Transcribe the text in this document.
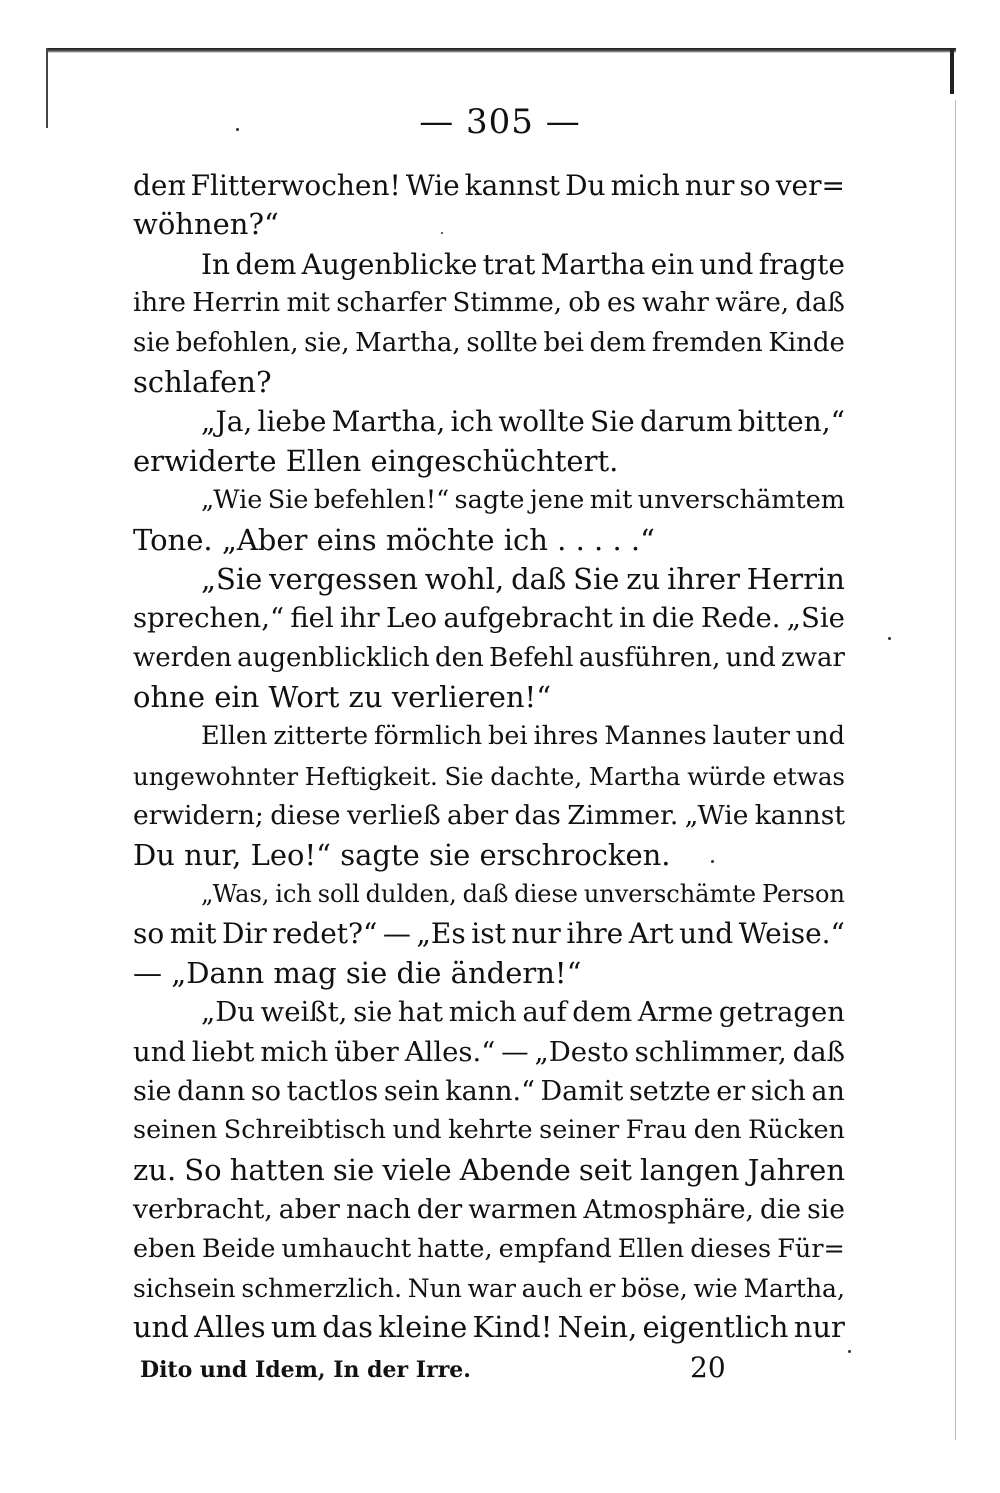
— 305 —
den Flitterwochen! Wie kannst Du mich nur so ver=
wöhnen?“
In dem Augenblicke trat Martha ein und fragte
ihre Herrin mit scharfer Stimme, ob es wahr wäre, daß
sie befohlen, sie, Martha, sollte bei dem fremden Kinde
schlafen?
„Ja, liebe Martha, ich wollte Sie darum bitten,“
erwiderte Ellen eingeschüchtert.
„Wie Sie befehlen!“ sagte jene mit unverschämtem
Tone. „Aber eins möchte ich . . . . .“
„Sie vergessen wohl, daß Sie zu ihrer Herrin
sprechen,“ fiel ihr Leo aufgebracht in die Rede. „Sie
werden augenblicklich den Befehl ausführen, und zwar
ohne ein Wort zu verlieren!“
Ellen zitterte förmlich bei ihres Mannes lauter und
ungewohnter Heftigkeit. Sie dachte, Martha würde etwas
erwidern; diese verließ aber das Zimmer. „Wie kannst
Du nur, Leo!“ sagte sie erschrocken.
„Was, ich soll dulden, daß diese unverschämte Person
so mit Dir redet?“ — „Es ist nur ihre Art und Weise.“
— „Dann mag sie die ändern!“
„Du weißt, sie hat mich auf dem Arme getragen
und liebt mich über Alles.“ — „Desto schlimmer, daß
sie dann so tactlos sein kann.“ Damit setzte er sich an
seinen Schreibtisch und kehrte seiner Frau den Rücken
zu. So hatten sie viele Abende seit langen Jahren
verbracht, aber nach der warmen Atmosphäre, die sie
eben Beide umhaucht hatte, empfand Ellen dieses Für=
sichsein schmerzlich. Nun war auch er böse, wie Martha,
und Alles um das kleine Kind! Nein, eigentlich nur
Dito und Idem, In der Irre.	20
